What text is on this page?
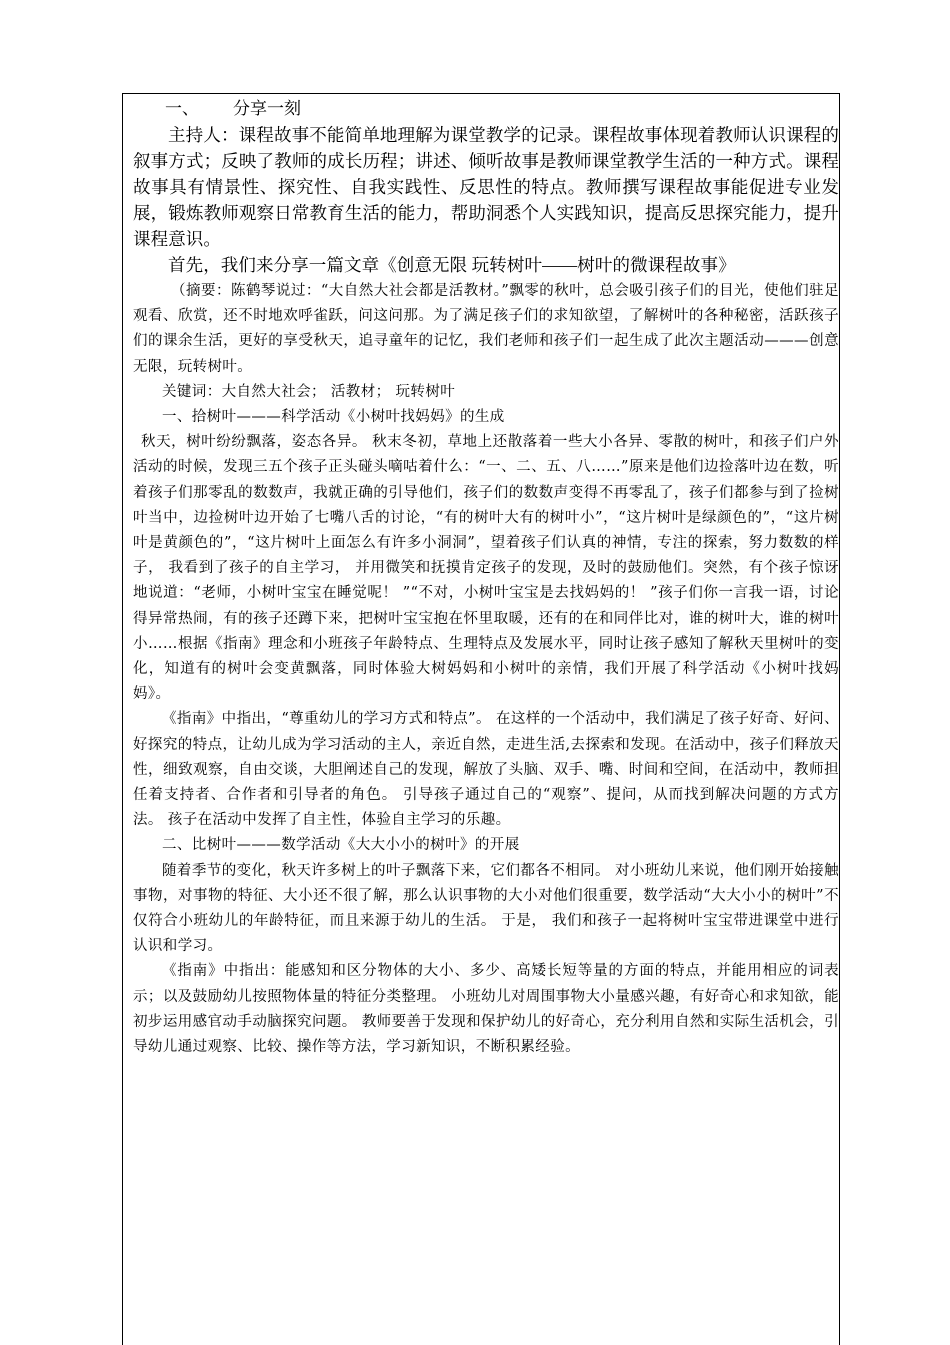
一、 分享一刻

主持人：课程故事不能简单地理解为课堂教学的记录。课程故事体现着教师认识课程的叙事方式；反映了教师的成长历程；讲述、倾听故事是教师课堂教学生活的一种方式。课程故事具有情景性、探究性、自我实践性、反思性的特点。教师撰写课程故事能促进专业发展，锻炼教师观察日常教育生活的能力，帮助洞悉个人实践知识，提高反思探究能力，提升课程意识。

首先，我们来分享一篇文章《创意无限 玩转树叶——树叶的微课程故事》

（摘要：陈鹤琴说过：“大自然大社会都是活教材。”飘零的秋叶，总会吸引孩子们的目光，使他们驻足观看、欣赏，还不时地欢呼雀跃，问这问那。为了满足孩子们的求知欲望，了解树叶的各种秘密，活跃孩子们的课余生活，更好的享受秋天，追寻童年的记忆，我们老师和孩子们一起生成了此次主题活动———创意无限，玩转树叶。

关键词：大自然大社会； 活教材； 玩转树叶

一、拾树叶———科学活动《小树叶找妈妈》的生成

秋天，树叶纷纷飘落，姿态各异。 秋末冬初，草地上还散落着一些大小各异、零散的树叶，和孩子们户外活动的时候，发现三五个孩子正头碰头嘀咕着什么：“一、二、五、八……”原来是他们边捡落叶边在数，听着孩子们那零乱的数数声，我就正确的引导他们，孩子们的数数声变得不再零乱了，孩子们都参与到了捡树叶当中，边捡树叶边开始了七嘴八舌的讨论，“有的树叶大有的树叶小”，“这片树叶是绿颜色的”，“这片树叶是黄颜色的”，“这片树叶上面怎么有许多小洞洞”，望着孩子们认真的神情，专注的探索，努力数数的样子， 我看到了孩子的自主学习， 并用微笑和抚摸肯定孩子的发现，及时的鼓励他们。突然，有个孩子惊讶地说道：“老师，小树叶宝宝在睡觉呢！ ”“不对，小树叶宝宝是去找妈妈的！ ”孩子们你一言我一语，讨论得异常热闹，有的孩子还蹲下来，把树叶宝宝抱在怀里取暖，还有的在和同伴比对，谁的树叶大，谁的树叶小……根据《指南》理念和小班孩子年龄特点、生理特点及发展水平，同时让孩子感知了解秋天里树叶的变化，知道有的树叶会变黄飘落，同时体验大树妈妈和小树叶的亲情，我们开展了科学活动《小树叶找妈妈》。

《指南》中指出，“尊重幼儿的学习方式和特点”。 在这样的一个活动中，我们满足了孩子好奇、好问、好探究的特点，让幼儿成为学习活动的主人，亲近自然，走进生活,去探索和发现。在活动中，孩子们释放天性，细致观察，自由交谈，大胆阐述自己的发现，解放了头脑、双手、嘴、时间和空间，在活动中，教师担任着支持者、合作者和引导者的角色。 引导孩子通过自己的“观察”、提问，从而找到解决问题的方式方法。 孩子在活动中发挥了自主性，体验自主学习的乐趣。

二、比树叶———数学活动《大大小小的树叶》的开展

随着季节的变化，秋天许多树上的叶子飘落下来，它们都各不相同。 对小班幼儿来说，他们刚开始接触事物，对事物的特征、大小还不很了解，那么认识事物的大小对他们很重要，数学活动“大大小小的树叶”不仅符合小班幼儿的年龄特征，而且来源于幼儿的生活。 于是， 我们和孩子一起将树叶宝宝带进课堂中进行认识和学习。

《指南》中指出：能感知和区分物体的大小、多少、高矮长短等量的方面的特点，并能用相应的词表示；以及鼓励幼儿按照物体量的特征分类整理。 小班幼儿对周围事物大小量感兴趣，有好奇心和求知欲，能初步运用感官动手动脑探究问题。 教师要善于发现和保护幼儿的好奇心，充分利用自然和实际生活机会，引导幼儿通过观察、比较、操作等方法，学习新知识，不断积累经验。
